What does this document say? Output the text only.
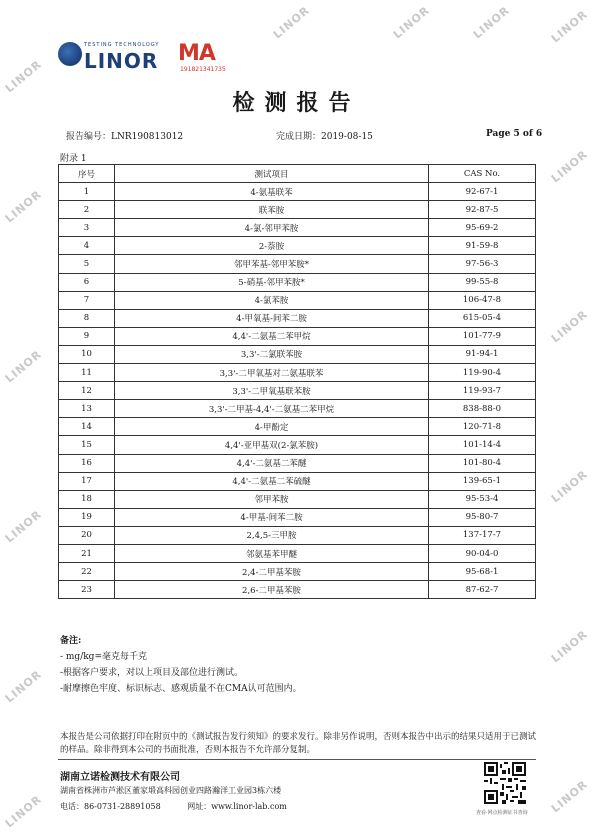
LINOR
LINOR
LINOR
LINOR
LINOR
LINOR
LINOR
LINOR
LINOR
LINOR
LINOR
LINOR
LINOR	LINOR	LINOR
TESTING TECHNOLOGY
LINOR MA
191821341735
检测报告
报告编号：LNR190813012	完成日期：2019-08-15	Page 5 of 6
附录 1
序号	测试项目	CAS No.
1	4-氨基联苯	92-67-1
2	联苯胺	92-87-5
3	4-氯-邻甲苯胺	95-69-2
4	2-萘胺	91-59-8
5	邻甲苯基-邻甲苯胺*	97-56-3
6	5-硝基-邻甲苯胺*	99-55-8
7	4-氯苯胺	106-47-8
8	4-甲氧基-间苯二胺	615-05-4
9	4,4'-二氨基二苯甲烷	101-77-9
10	3,3'-二氯联苯胺	91-94-1
11	3,3'-二甲氧基对二氨基联苯	119-90-4
12	3,3'-二甲氧基联苯胺	119-93-7
13	3,3'-二甲基-4,4'-二氨基二苯甲烷	838-88-0
14	4-甲酚定	120-71-8
15	4,4'-亚甲基双(2-氯苯胺)	101-14-4
16	4,4'-二氨基二苯醚	101-80-4
17	4,4'-二氨基二苯硫醚	139-65-1
18	邻甲苯胺	95-53-4
19	4-甲基-间苯二胺	95-80-7
20	2,4,5-三甲胺	137-17-7
21	邻氨基苯甲醚	90-04-0
22	2,4-二甲基苯胺	95-68-1
23	2,6-二甲基苯胺	87-62-7
备注:
- mg/kg=毫克每千克
-根据客户要求，对以上项目及部位进行测试。
-耐摩擦色牢度、标识标志、感观质量不在CMA认可范围内。
本报告是公司依据打印在附页中的《测试报告发行须知》的要求发行。除非另作说明，否则本报告中出示的结果只适用于已测试的样品。除非得到本公司的书面批准，否则本报告不允许部分复制。
湖南立诺检测技术有限公司
湖南省株洲市芦淞区董家塅高科园创业四路瀚洋工业园3栋六楼
电话：86-0731-28891058	网址：www.linor-lab.com
查看·网点检测证书查询
